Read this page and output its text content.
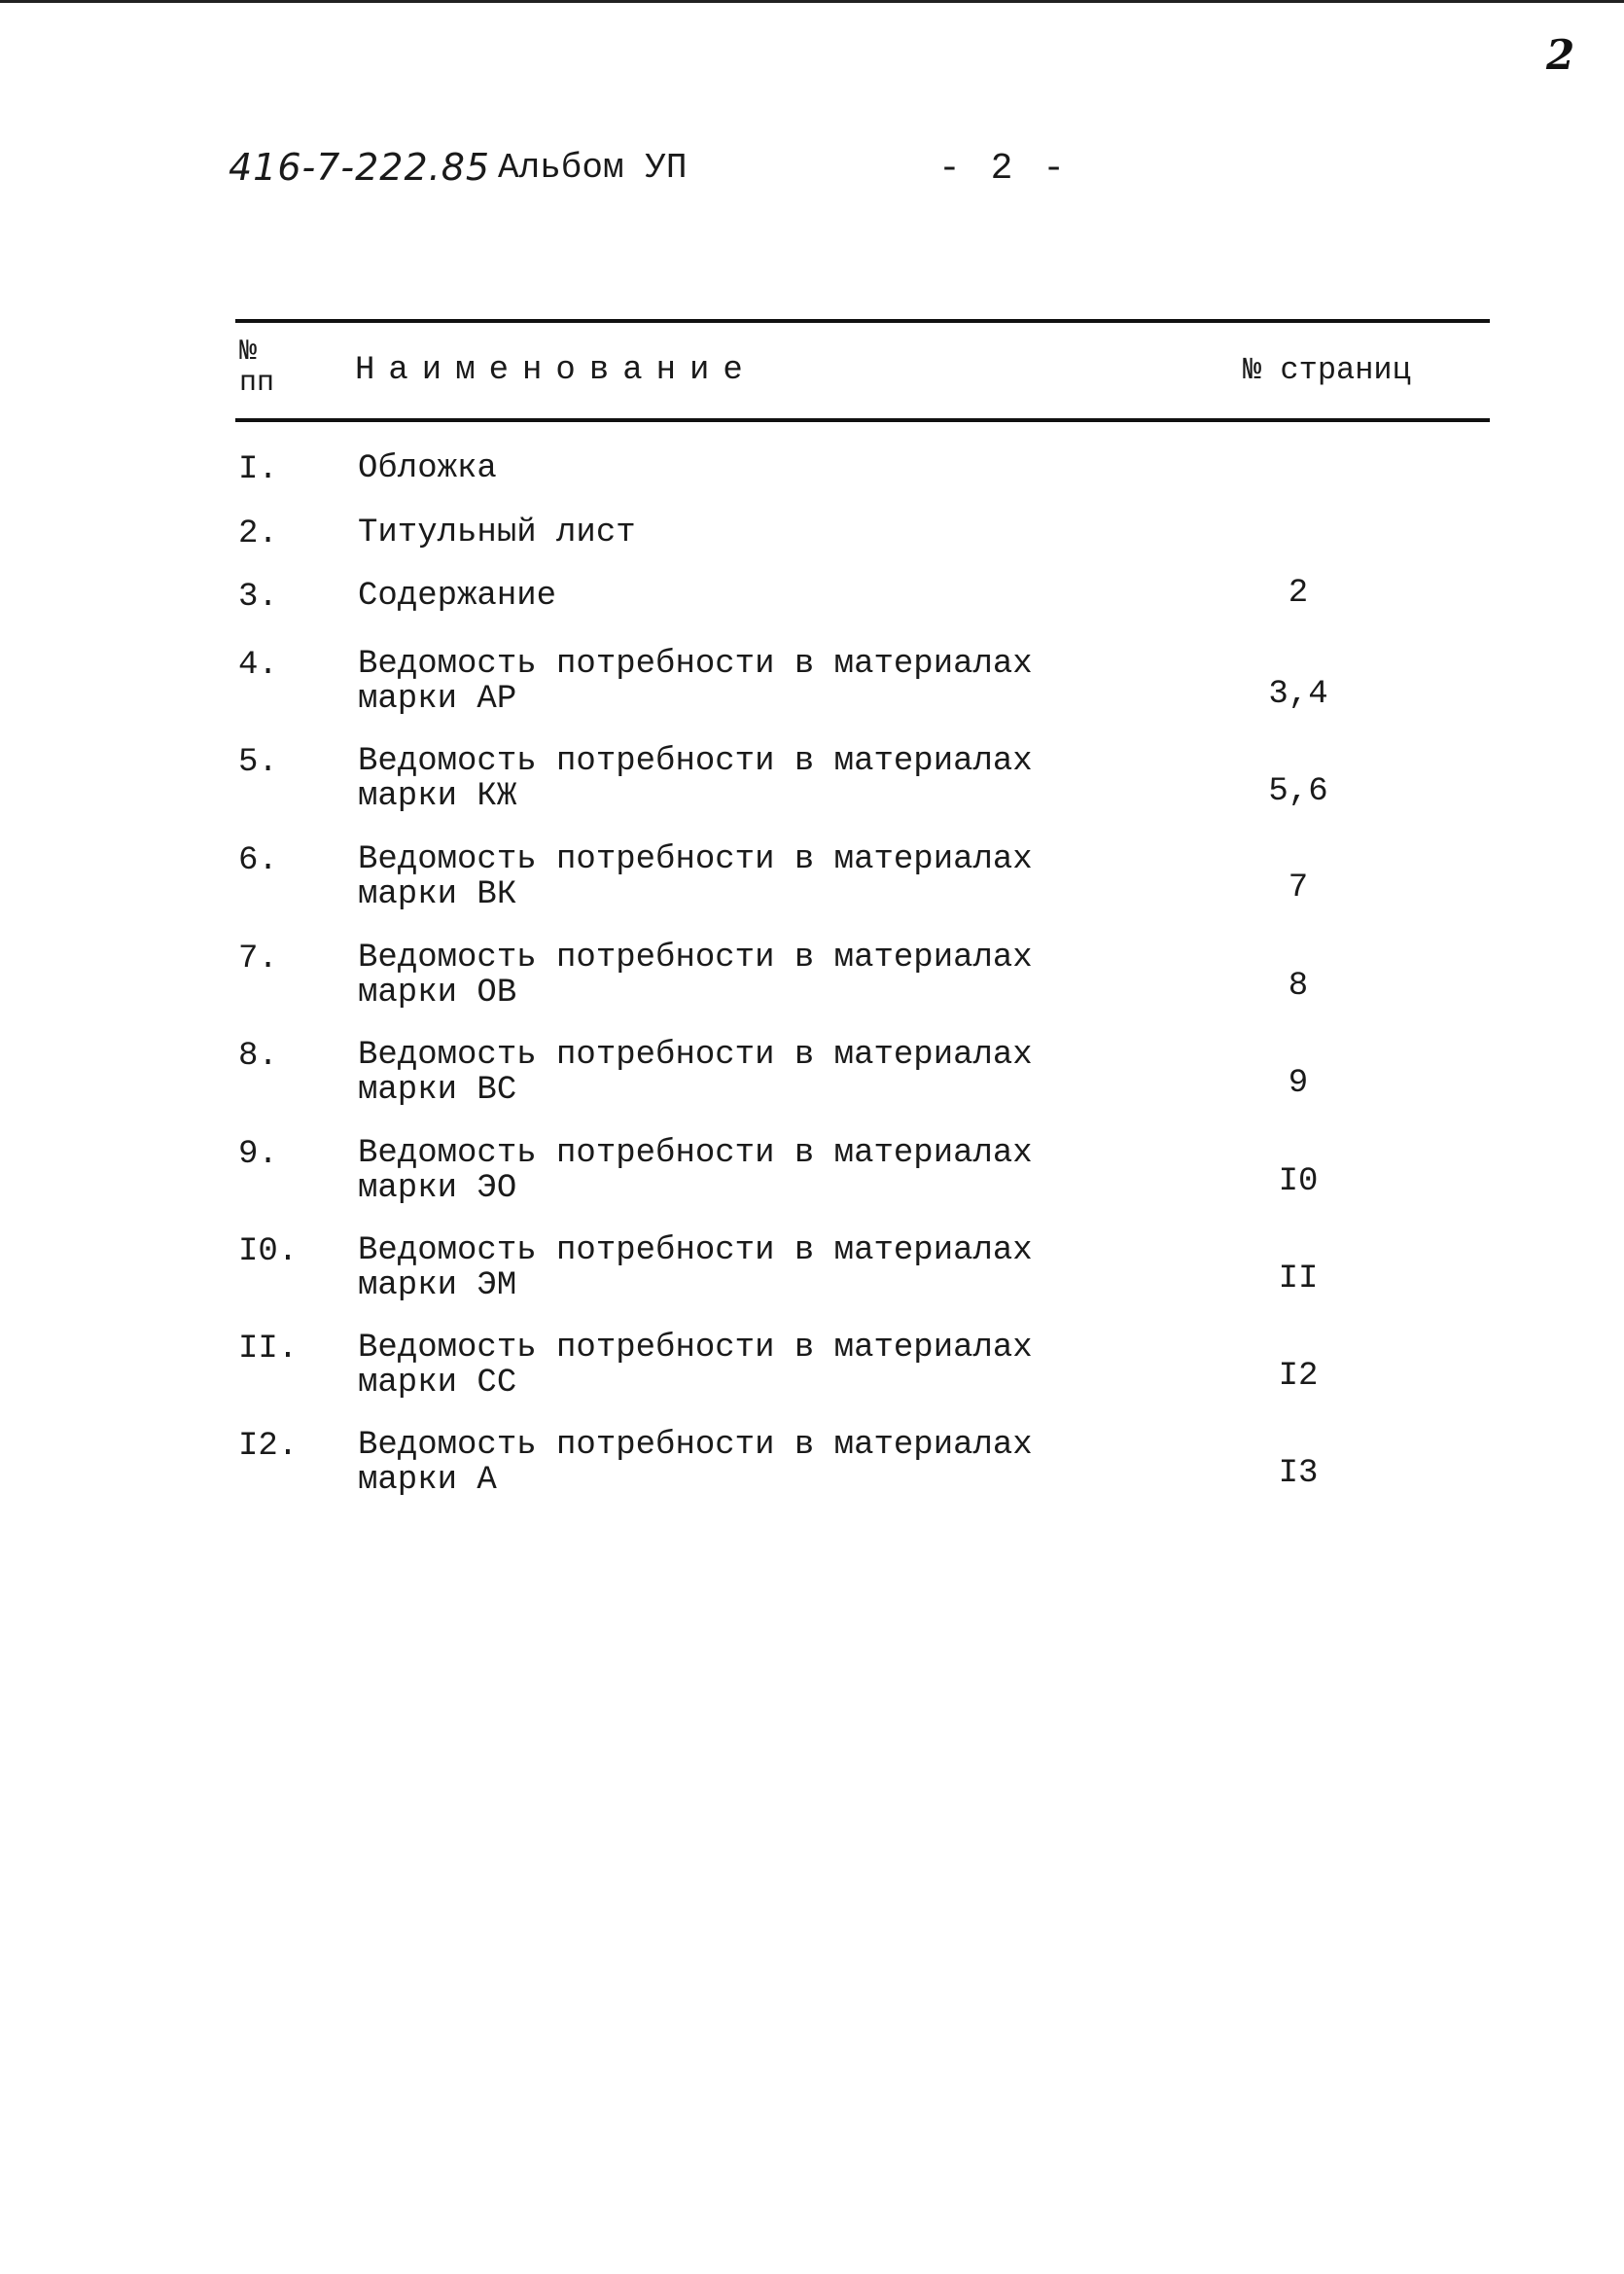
2
416-7-222.85 Альбом УП	- 2 -
№ пп	Наименование	№ страниц
I. Обложка
2. Титульный лист
3. Содержание	2
4. Ведомость потребности в материалах
марки АР	3,4
5. Ведомость потребности в материалах
марки КЖ	5,6
6. Ведомость потребности в материалах
марки ВК	7
7. Ведомость потребности в материалах
марки ОВ	8
8. Ведомость потребности в материалах
марки ВС	9
9. Ведомость потребности в материалах
марки ЭО	I0
I0. Ведомость потребности в материалах
марки ЭМ	II
II. Ведомость потребности в материалах
марки СС	I2
I2. Ведомость потребности в материалах
марки А	I3
